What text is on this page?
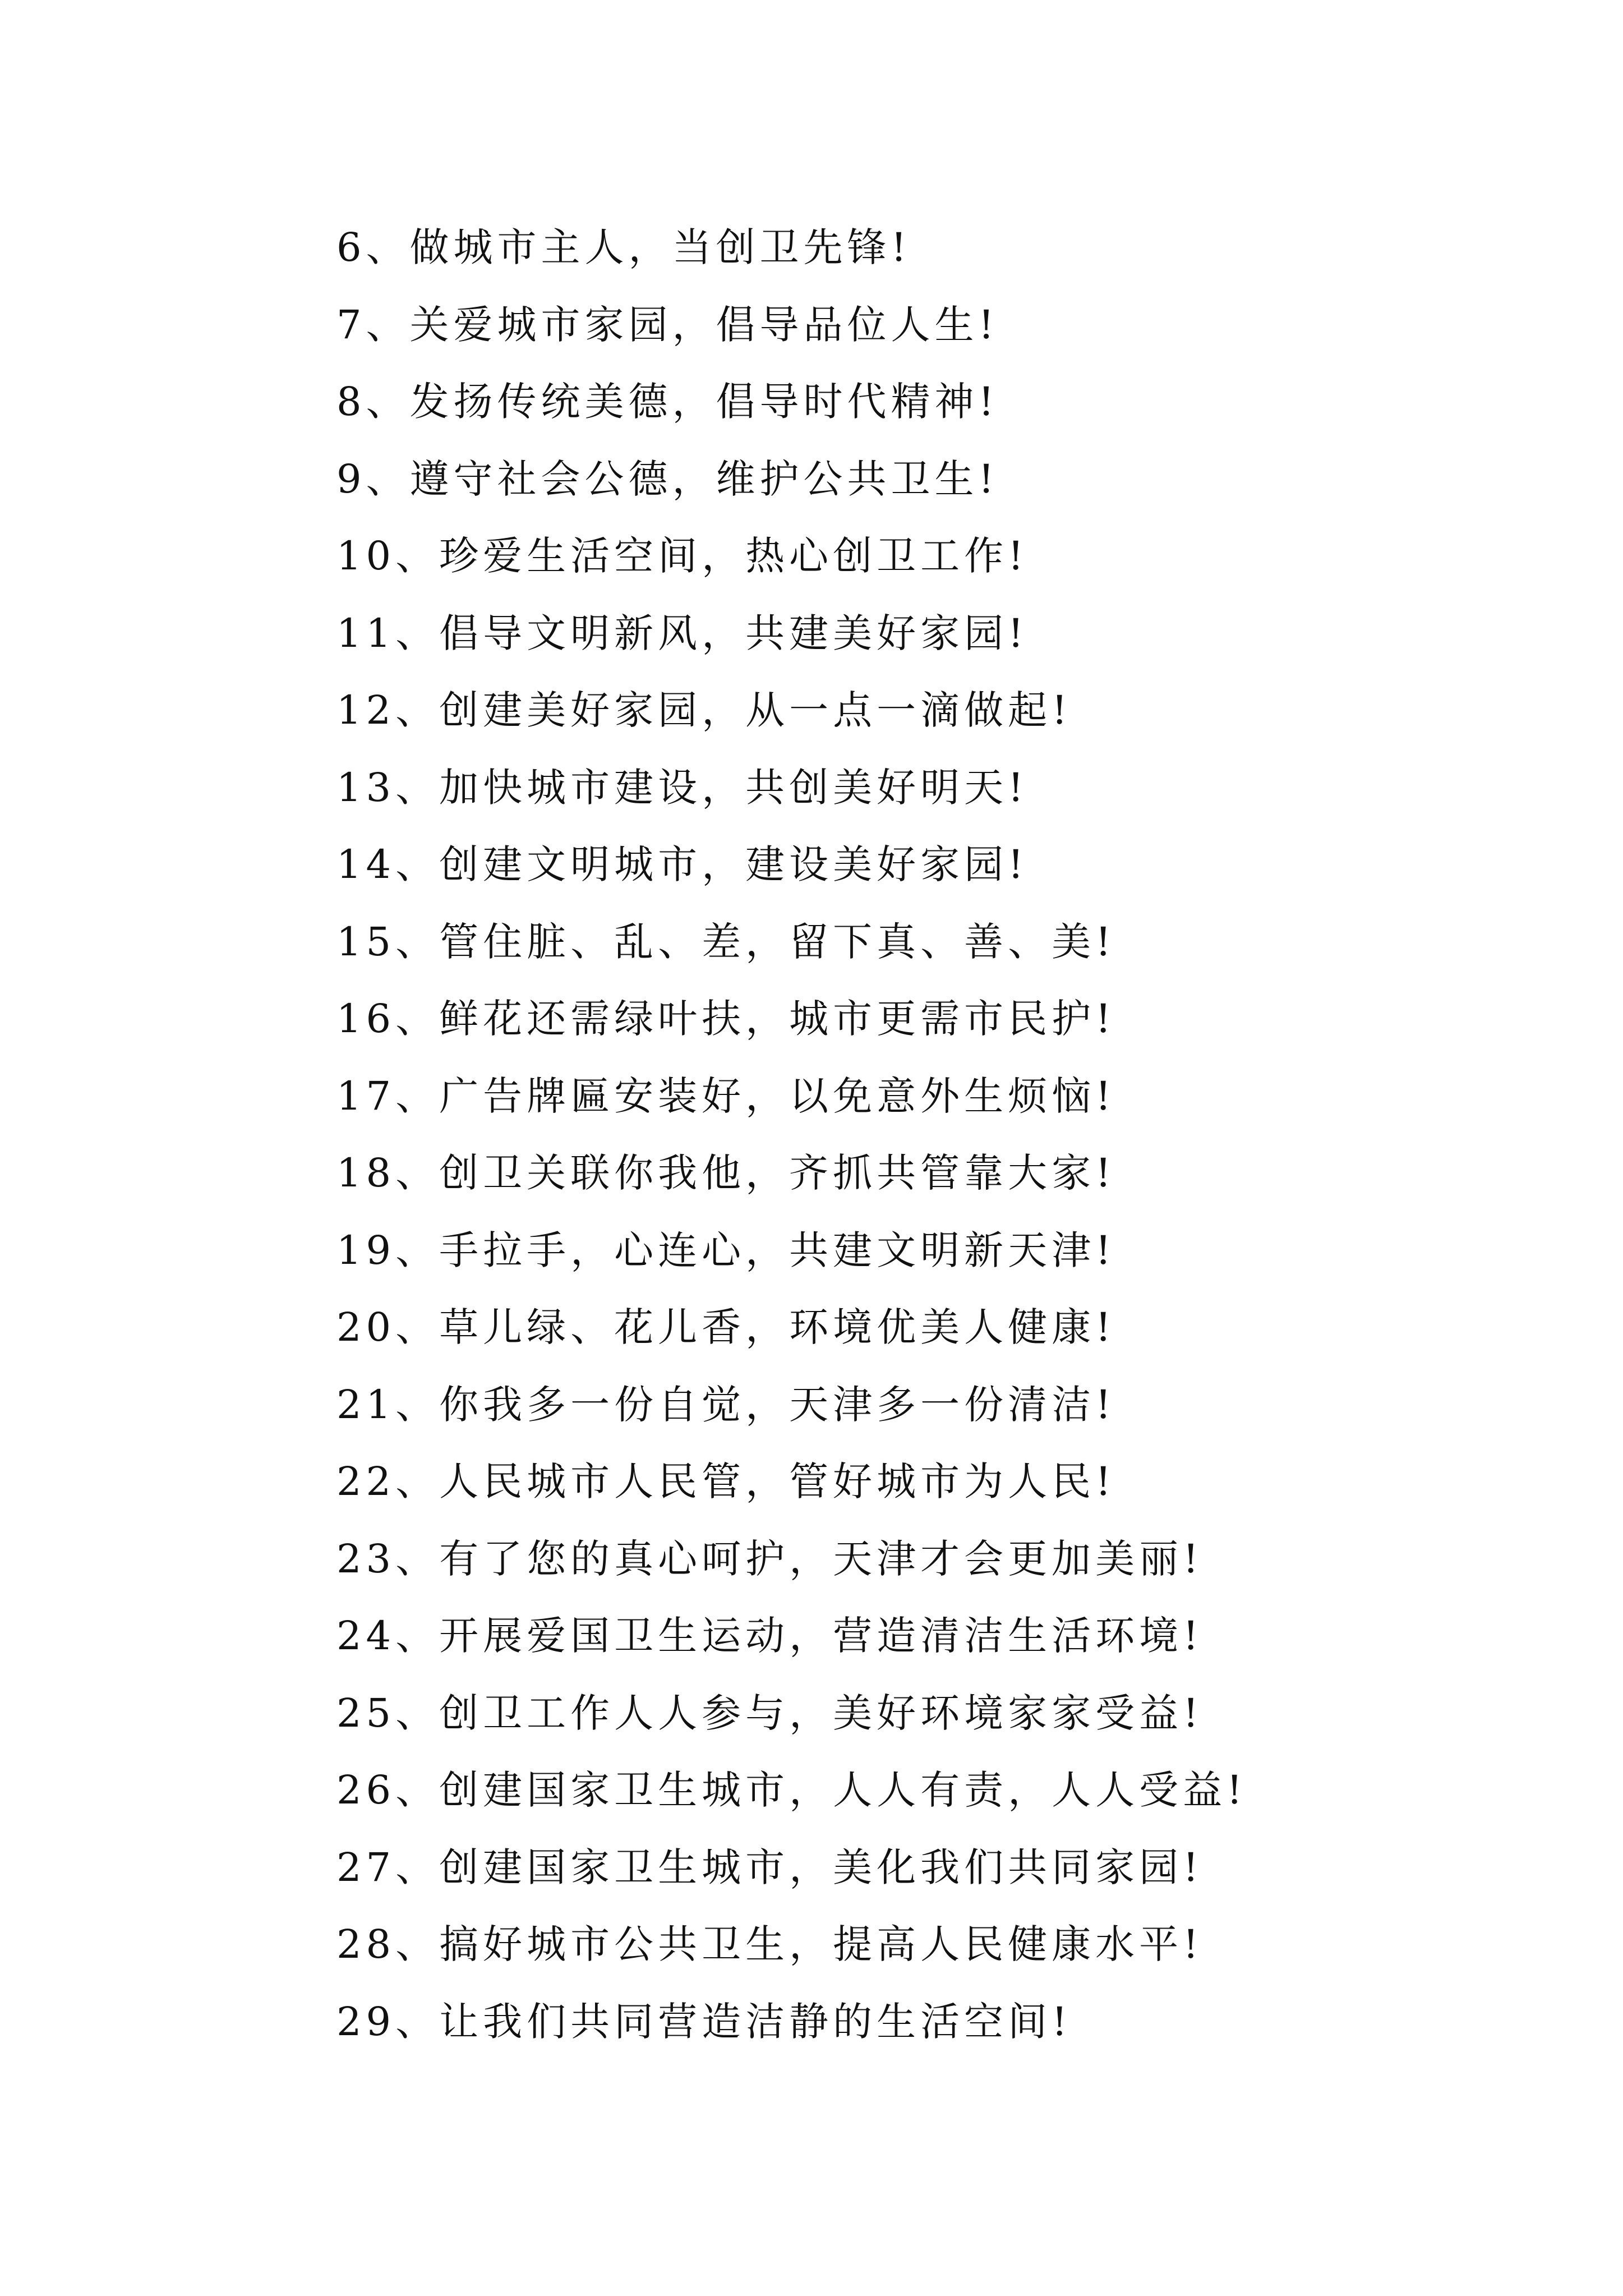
6、做城市主人，当创卫先锋!
7、关爱城市家园，倡导品位人生!
8、发扬传统美德，倡导时代精神!
9、遵守社会公德，维护公共卫生!
10、珍爱生活空间，热心创卫工作!
11、倡导文明新风，共建美好家园!
12、创建美好家园，从一点一滴做起!
13、加快城市建设，共创美好明天!
14、创建文明城市，建设美好家园!
15、管住脏、乱、差，留下真、善、美!
16、鲜花还需绿叶扶，城市更需市民护!
17、广告牌匾安装好，以免意外生烦恼!
18、创卫关联你我他，齐抓共管靠大家!
19、手拉手，心连心，共建文明新天津!
20、草儿绿、花儿香，环境优美人健康!
21、你我多一份自觉，天津多一份清洁!
22、人民城市人民管，管好城市为人民!
23、有了您的真心呵护，天津才会更加美丽!
24、开展爱国卫生运动，营造清洁生活环境!
25、创卫工作人人参与，美好环境家家受益!
26、创建国家卫生城市，人人有责，人人受益!
27、创建国家卫生城市，美化我们共同家园!
28、搞好城市公共卫生，提高人民健康水平!
29、让我们共同营造洁静的生活空间!
